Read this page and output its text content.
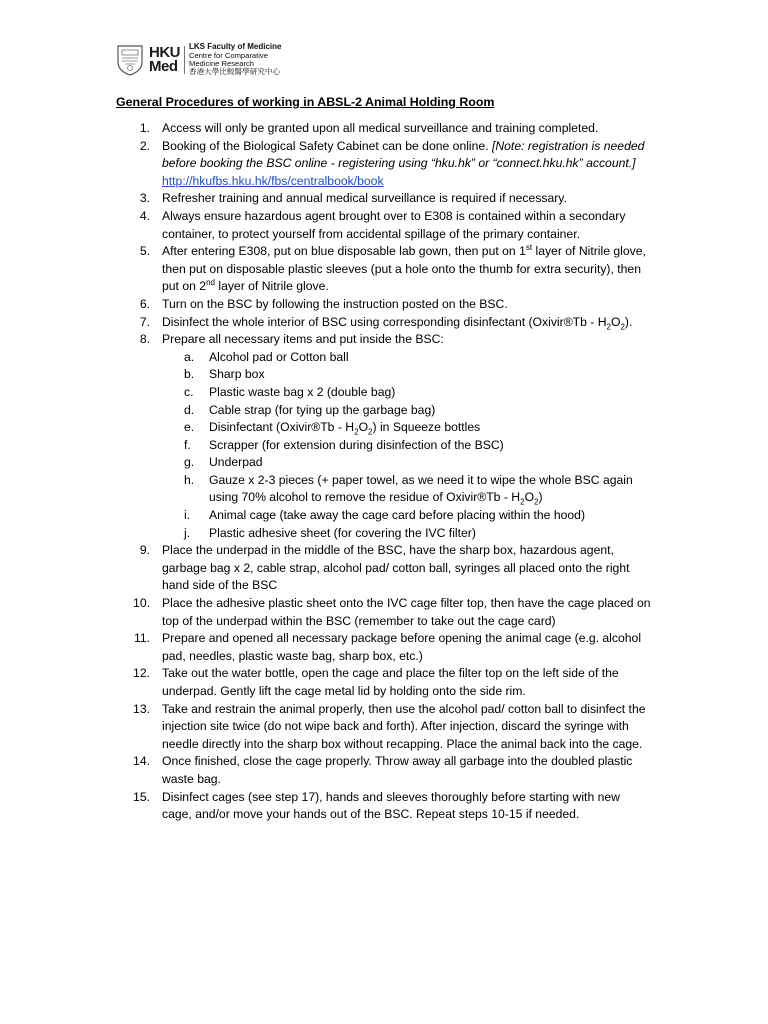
HKU
Med
LKS Faculty of Medicine
Centre for Comparative
Medicine Research
香港大學比較醫學研究中心
General Procedures of working in ABSL-2 Animal Holding Room
1. Access will only be granted upon all medical surveillance and training completed.
2. Booking of the Biological Safety Cabinet can be done online. [Note: registration is needed before booking the BSC online - registering using “hku.hk” or “connect.hku.hk” account.]
http://hkufbs.hku.hk/fbs/centralbook/book
3. Refresher training and annual medical surveillance is required if necessary.
4. Always ensure hazardous agent brought over to E308 is contained within a secondary container, to protect yourself from accidental spillage of the primary container.
5. After entering E308, put on blue disposable lab gown, then put on 1st layer of Nitrile glove, then put on disposable plastic sleeves (put a hole onto the thumb for extra security), then put on 2nd layer of Nitrile glove.
6. Turn on the BSC by following the instruction posted on the BSC.
7. Disinfect the whole interior of BSC using corresponding disinfectant (Oxivir®Tb - $H_2O_2$).
8. Prepare all necessary items and put inside the BSC:
a. Alcohol pad or Cotton ball
b. Sharp box
c. Plastic waste bag x 2 (double bag)
d. Cable strap (for tying up the garbage bag)
e. Disinfectant (Oxivir®Tb - $H_2O_2$) in Squeeze bottles
f. Scrapper (for extension during disinfection of the BSC)
g. Underpad
h. Gauze x 2-3 pieces (+ paper towel, as we need it to wipe the whole BSC again using 70% alcohol to remove the residue of Oxivir®Tb - $H_2O_2$)
i. Animal cage (take away the cage card before placing within the hood)
j. Plastic adhesive sheet (for covering the IVC filter)
9. Place the underpad in the middle of the BSC, have the sharp box, hazardous agent, garbage bag x 2, cable strap, alcohol pad/ cotton ball, syringes all placed onto the right hand side of the BSC
10. Place the adhesive plastic sheet onto the IVC cage filter top, then have the cage placed on top of the underpad within the BSC (remember to take out the cage card)
11. Prepare and opened all necessary package before opening the animal cage (e.g. alcohol pad, needles, plastic waste bag, sharp box, etc.)
12. Take out the water bottle, open the cage and place the filter top on the left side of the underpad. Gently lift the cage metal lid by holding onto the side rim.
13. Take and restrain the animal properly, then use the alcohol pad/ cotton ball to disinfect the injection site twice (do not wipe back and forth). After injection, discard the syringe with needle directly into the sharp box without recapping. Place the animal back into the cage.
14. Once finished, close the cage properly. Throw away all garbage into the doubled plastic waste bag.
15. Disinfect cages (see step 17), hands and sleeves thoroughly before starting with new cage, and/or move your hands out of the BSC. Repeat steps 10-15 if needed.
